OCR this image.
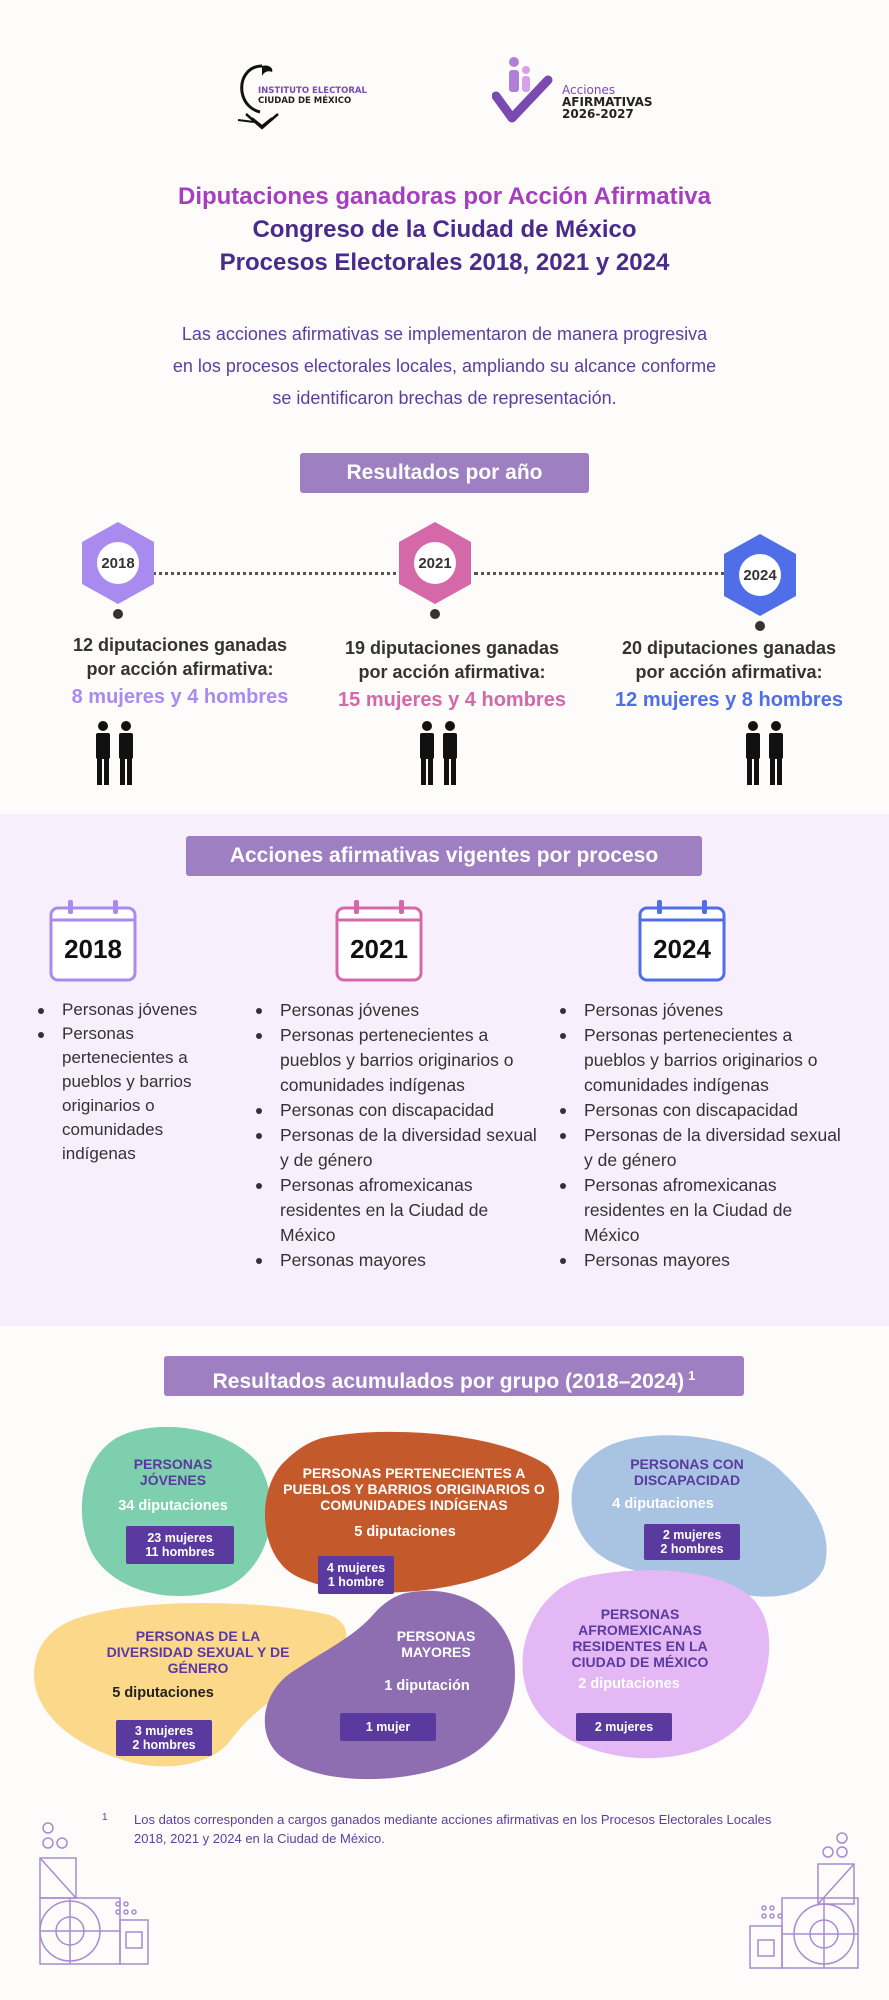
INSTITUTO ELECTORAL
CIUDAD DE MÉXICO
Acciones
AFIRMATIVAS
2026-2027
Diputaciones ganadoras por Acción Afirmativa
Congreso de la Ciudad de México
Procesos Electorales 2018, 2021 y 2024
Las acciones afirmativas se implementaron de manera progresiva
en los procesos electorales locales, ampliando su alcance conforme
se identificaron brechas de representación.
Resultados por año
2018	2021
2024
12 diputaciones ganadas
por acción afirmativa:
8 mujeres y 4 hombres
19 diputaciones ganadas
por acción afirmativa:
15 mujeres y 4 hombres
20 diputaciones ganadas
por acción afirmativa:
12 mujeres y 8 hombres
Acciones afirmativas vigentes por proceso
2018	2021	2024
Personas jóvenes
Personas pertenecientes a pueblos y barrios originarios o comunidades indígenas
Personas jóvenes
Personas pertenecientes a pueblos y barrios originarios o comunidades indígenas
Personas con discapacidad
Personas de la diversidad sexual y de género
Personas afromexicanas residentes en la Ciudad de México
Personas mayores
Personas jóvenes
Personas pertenecientes a pueblos y barrios originarios o comunidades indígenas
Personas con discapacidad
Personas de la diversidad sexual y de género
Personas afromexicanas residentes en la Ciudad de México
Personas mayores
Resultados acumulados por grupo (2018–2024) $^1$
PERSONAS JÓVENES
34 diputaciones
23 mujeres
11 hombres
PERSONAS PERTENECIENTES A PUEBLOS Y BARRIOS ORIGINARIOS O COMUNIDADES INDÍGENAS
5 diputaciones
4 mujeres
1 hombre
PERSONAS CON DISCAPACIDAD
4 diputaciones
2 mujeres
2 hombres
PERSONAS DE LA DIVERSIDAD SEXUAL Y DE GÉNERO
5 diputaciones
3 mujeres
2 hombres
PERSONAS MAYORES
1 diputación
1 mujer
PERSONAS AFROMEXICANAS RESIDENTES EN LA CIUDAD DE MÉXICO
2 diputaciones
2 mujeres
1	Los datos corresponden a cargos ganados mediante acciones afirmativas en los Procesos Electorales Locales 2018, 2021 y 2024 en la Ciudad de México.
